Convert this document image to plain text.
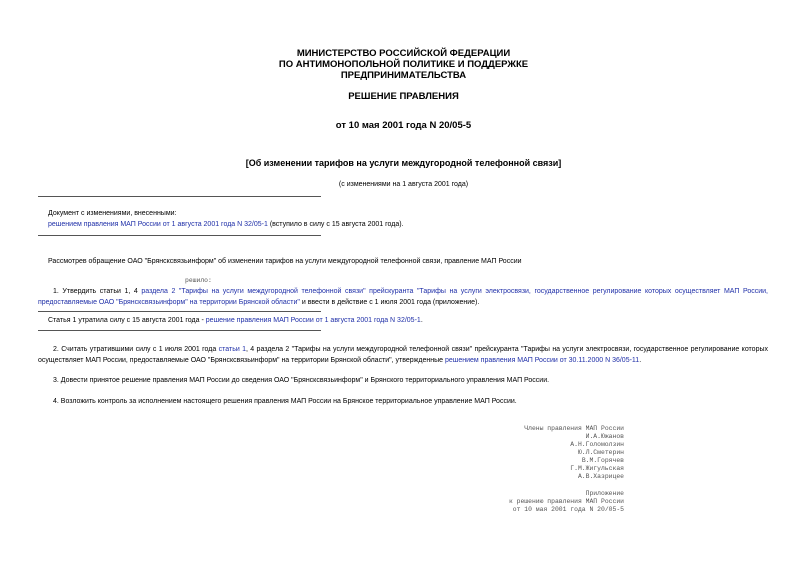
МИНИСТЕРСТВО РОССИЙСКОЙ ФЕДЕРАЦИИ
ПО АНТИМОНОПОЛЬНОЙ ПОЛИТИКЕ И ПОДДЕРЖКЕ
ПРЕДПРИНИМАТЕЛЬСТВА
РЕШЕНИЕ ПРАВЛЕНИЯ
от 10 мая 2001 года N 20/05-5
[Об изменении тарифов на услуги междугородной телефонной связи]
(с изменениями на 1 августа 2001 года)
Документ с изменениями, внесенными:
решением правления МАП России от 1 августа 2001 года N 32/05-1 (вступило в силу с 15 августа 2001 года).
Рассмотрев обращение ОАО "Брянсксвязьинформ" об изменении тарифов на услуги междугородной телефонной связи, правление МАП России
решило:
1. Утвердить статьи 1, 4 раздела 2 "Тарифы на услуги междугородной телефонной связи" прейскуранта "Тарифы на услуги электросвязи, государственное регулирование которых осуществляет МАП России, предоставляемые ОАО "Брянсксвязьинформ" на территории Брянской области" и ввести в действие с 1 июля 2001 года (приложение).
Статья 1 утратила силу с 15 августа 2001 года - решение правления МАП России от 1 августа 2001 года N 32/05-1.
2. Считать утратившими силу с 1 июля 2001 года статьи 1, 4 раздела 2 "Тарифы на услуги междугородной телефонной связи" прейскуранта "Тарифы на услуги электросвязи, государственное регулирование которых осуществляет МАП России, предоставляемые ОАО "Брянсксвязьинформ" на территории Брянской области", утвержденные решением правления МАП России от 30.11.2000 N 36/05-11.
3. Довести принятое решение правления МАП России до сведения ОАО "Брянсксвязьинформ" и Брянского территориального управления МАП России.
4. Возложить контроль за исполнением настоящего решения правления МАП России на Брянское территориальное управление МАП России.
Члены правления МАП России
И.А.Южанов
А.Н.Голомолзин
Ю.Л.Сметерин
В.М.Горячев
Г.М.Жигульская
А.В.Хазрицее
Приложение
к решению правления МАП России
от 10 мая 2001 года N 20/05-5
